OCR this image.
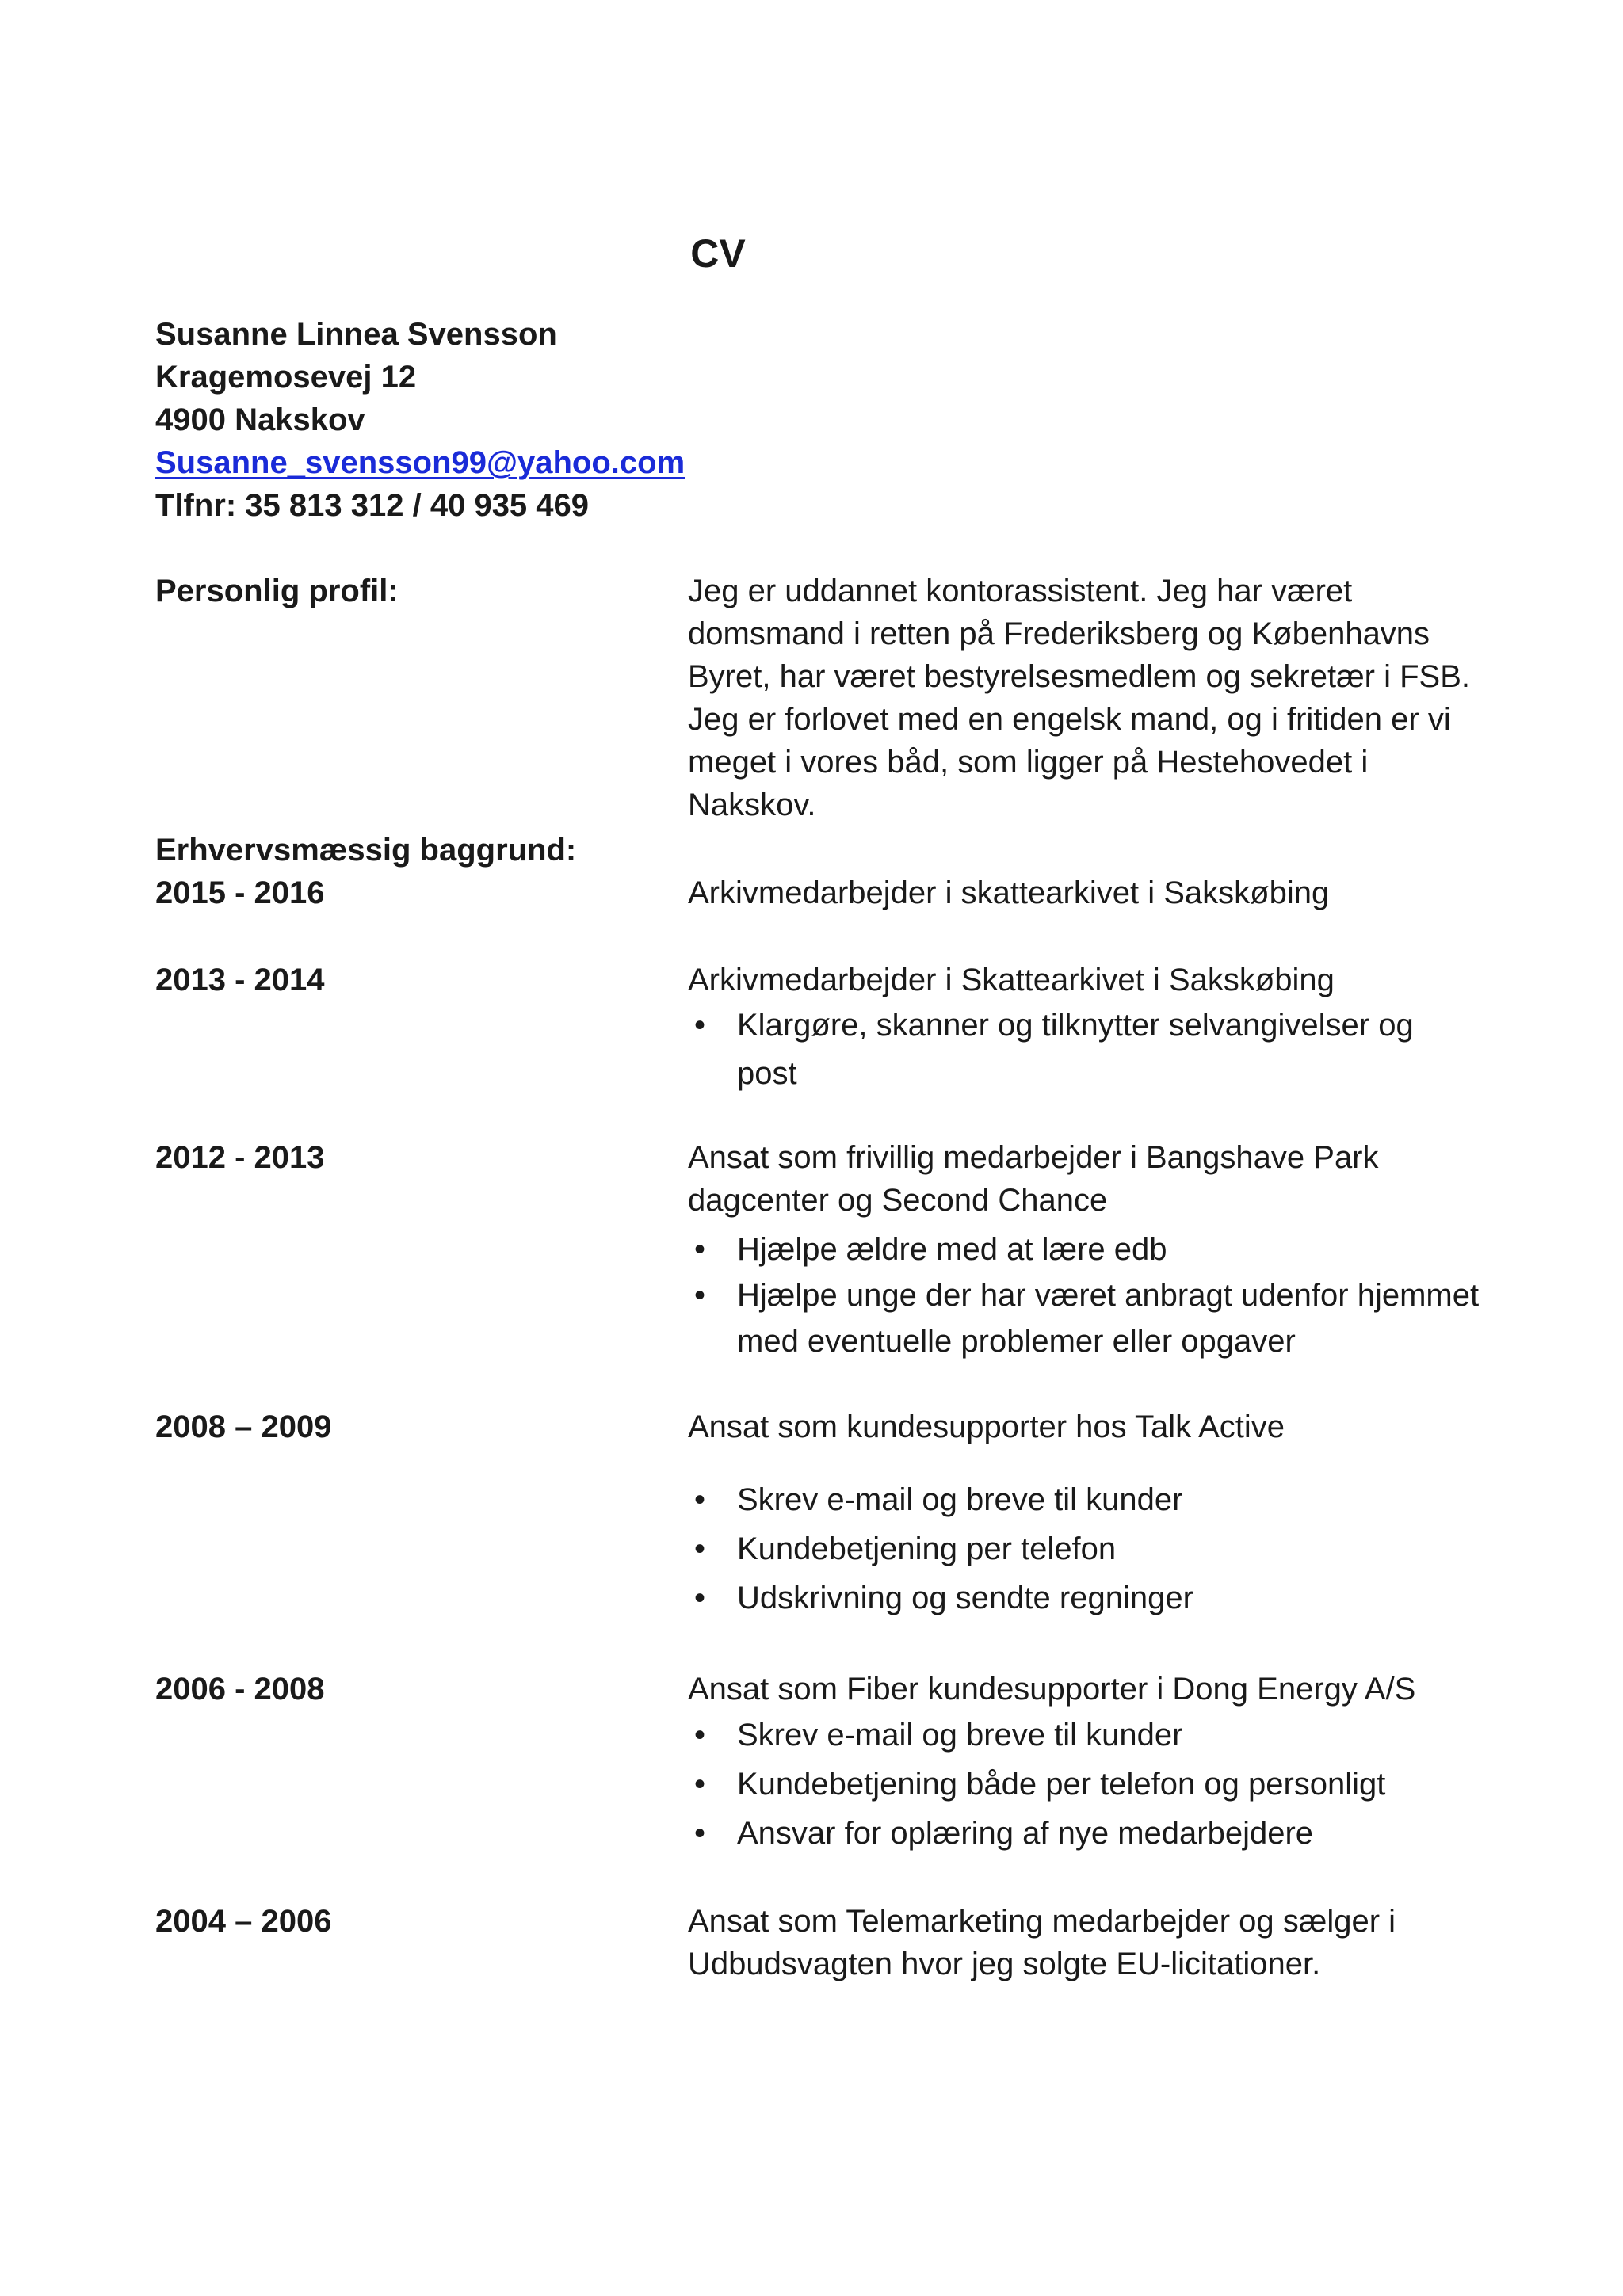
CV
Susanne Linnea Svensson
Kragemosevej 12
4900 Nakskov
Susanne_svensson99@yahoo.com
Tlfnr: 35 813 312 / 40 935 469
Personlig profil:	Jeg er uddannet kontorassistent. Jeg har været domsmand i retten på Frederiksberg og Københavns Byret, har været bestyrelsesmedlem og sekretær i FSB. Jeg er forlovet med en engelsk mand, og i fritiden er vi meget i vores båd, som ligger på Hestehovedet i Nakskov.
Erhvervsmæssig baggrund:
2015 - 2016	Arkivmedarbejder i skattearkivet i Sakskøbing
2013 - 2014	Arkivmedarbejder i Skattearkivet i Sakskøbing
• Klargøre, skanner og tilknytter selvangivelser og post
2012 - 2013	Ansat som frivillig medarbejder i Bangshave Park dagcenter og Second Chance
• Hjælpe ældre med at lære edb
• Hjælpe unge der har været anbragt udenfor hjemmet med eventuelle problemer eller opgaver
2008 – 2009	Ansat som kundesupporter hos Talk Active
• Skrev e-mail og breve til kunder
• Kundebetjening per telefon
• Udskrivning og sendte regninger
2006 - 2008	Ansat som Fiber kundesupporter i Dong Energy A/S
• Skrev e-mail og breve til kunder
• Kundebetjening både per telefon og personligt
• Ansvar for oplæring af nye medarbejdere
2004 – 2006	Ansat som Telemarketing medarbejder og sælger i Udbudsvagten hvor jeg solgte EU-licitationer.
